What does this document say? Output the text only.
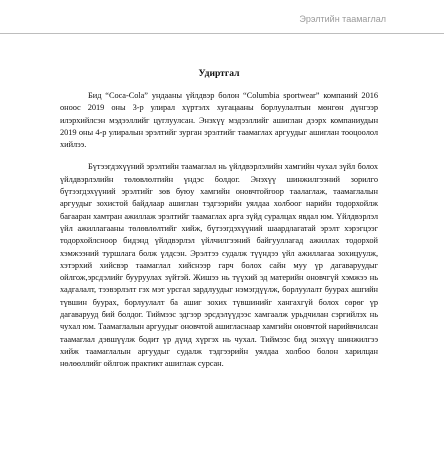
Эрэлтийн таамаглал
Удиртгал

Бид “Coca-Cola” ундааны үйлдвэр болон “Columbia sportwear” компаний 2016 оноос 2019 оны 3-р улирал хүртэлх хугацааны борлуулалтын мөнгөн дүнгээр илэрхийлсэн мэдээллийг цуглуулсан. Энэхүү мэдээллийг ашиглан дээрх компаниудын 2019 оны 4-р улиралын эрэлтийг зурган эрэлтийг таамаглах аргуудыг ашиглан тооцоолол хийлээ.

Бүтээгдэхүүний эрэлтийн таамаглал нь үйлдвэрлэлийн хамгийн чухал зүйл болох үйлдвэрлэлийн төлөвлөлтийн үндэс болдог. Энэхүү шинжилгээний зорилго бүтээгдэхүүний эрэлтийг зөв буюу хамгийн оновчтойгоор таалаглаж, таамаглалын аргуудыг зохистой байдлаар ашиглан тэдгээрийн уялдаа холбоог нарийн тодорхойлж багааран хамтран ажиллаж эрэлтийг таамаглах арга зүйд суралцах явдал юм. Үйлдвэрлэл үйл ажиллагааны төлөвлөлтийг хийж, бүтээгдэхүүний шаардлагатай эрэлт хэрэгцээг тодорхойлсноор бидэнд үйлдвэрлэл үйлчилгээний байгууллагад ажиллах тодорхой хэмжээний туршлага болж үлдсэн. Эрэлтээ судалж түүндээ үйл ажиллагаа зохицуулж, хэтэрхий хийсвэр таамаглал хийснээр гарч болох сайн муу үр дагаваруудыг ойлгож,эрсдэлийг бууруулах зүйтэй. Жишээ нь түүхий эд материйн оновчгүй хэмжээ нь хадгалалт, тээвэрлэлт гэх мэт урсгал зардлуудыг нэмэгдүүлж, борлуулалт буурах ашгийн түвшин буурах, борлуулалт ба ашиг зохих түвшинийг хангахгүй болох сөрөг үр дагаварууд бий болдог. Тиймээс эдгээр эрсдэлүүдээс хамгаалж урьдчилан сэргийлэх нь чухал юм. Таамаглалын аргуудыг оновчтой ашигласнаар хамгийн оновчтой нарийвчилсан таамаглал дэвшүүлж бодит үр дүнд хүргэх нь чухал. Тиймээс бид энэхүү шинжилгээ хийж таамаглалын аргуудыг судалж тэдгээрийн уялдаа холбоо болон харилцан нөлөөллийг ойлгож практикт ашиглаж сурсан.
